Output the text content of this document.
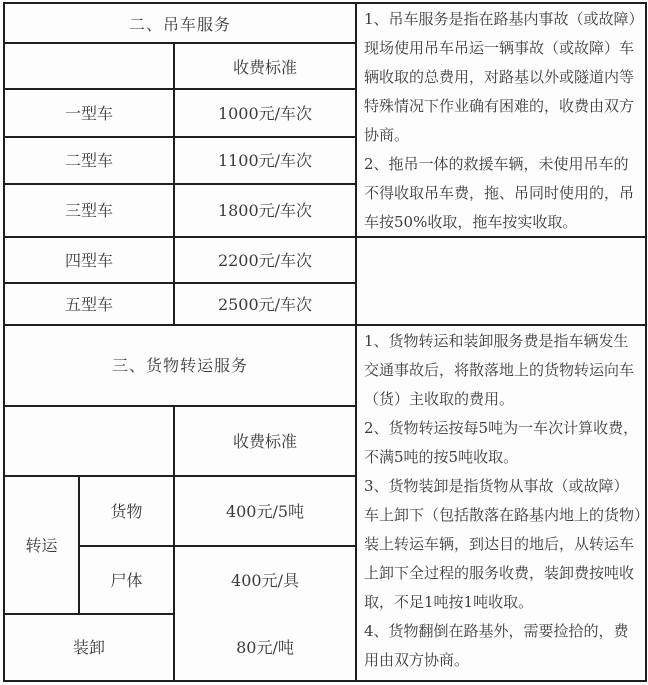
二、吊车服务
收费标准
一型车	1000元/车次
二型车	1100元/车次
三型车	1800元/车次
四型车	2200元/车次
五型车	2500元/车次
三、货物转运服务
收费标准
转运
货物	400元/5吨
尸体	400元/具
装卸	80元/吨

1、吊车服务是指在路基内事故（或故障）现场使用吊车吊运一辆事故（或故障）车辆收取的总费用，对路基以外或隧道内等特殊情况下作业确有困难的，收费由双方协商。

2、拖吊一体的救援车辆，未使用吊车的不得收取吊车费，拖、吊同时使用的，吊车按50%收取，拖车按实收取。

1、货物转运和装卸服务费是指车辆发生交通事故后，将散落地上的货物转运向车（货）主收取的费用。

2、货物转运按每5吨为一车次计算收费，不满5吨的按5吨收取。

3、货物装卸是指货物从事故（或故障）车上卸下（包括散落在路基内地上的货物）装上转运车辆，到达目的地后，从转运车上卸下全过程的服务收费，装卸费按吨收取，不足1吨按1吨收取。

4、货物翻倒在路基外，需要捡拾的，费用由双方协商。
